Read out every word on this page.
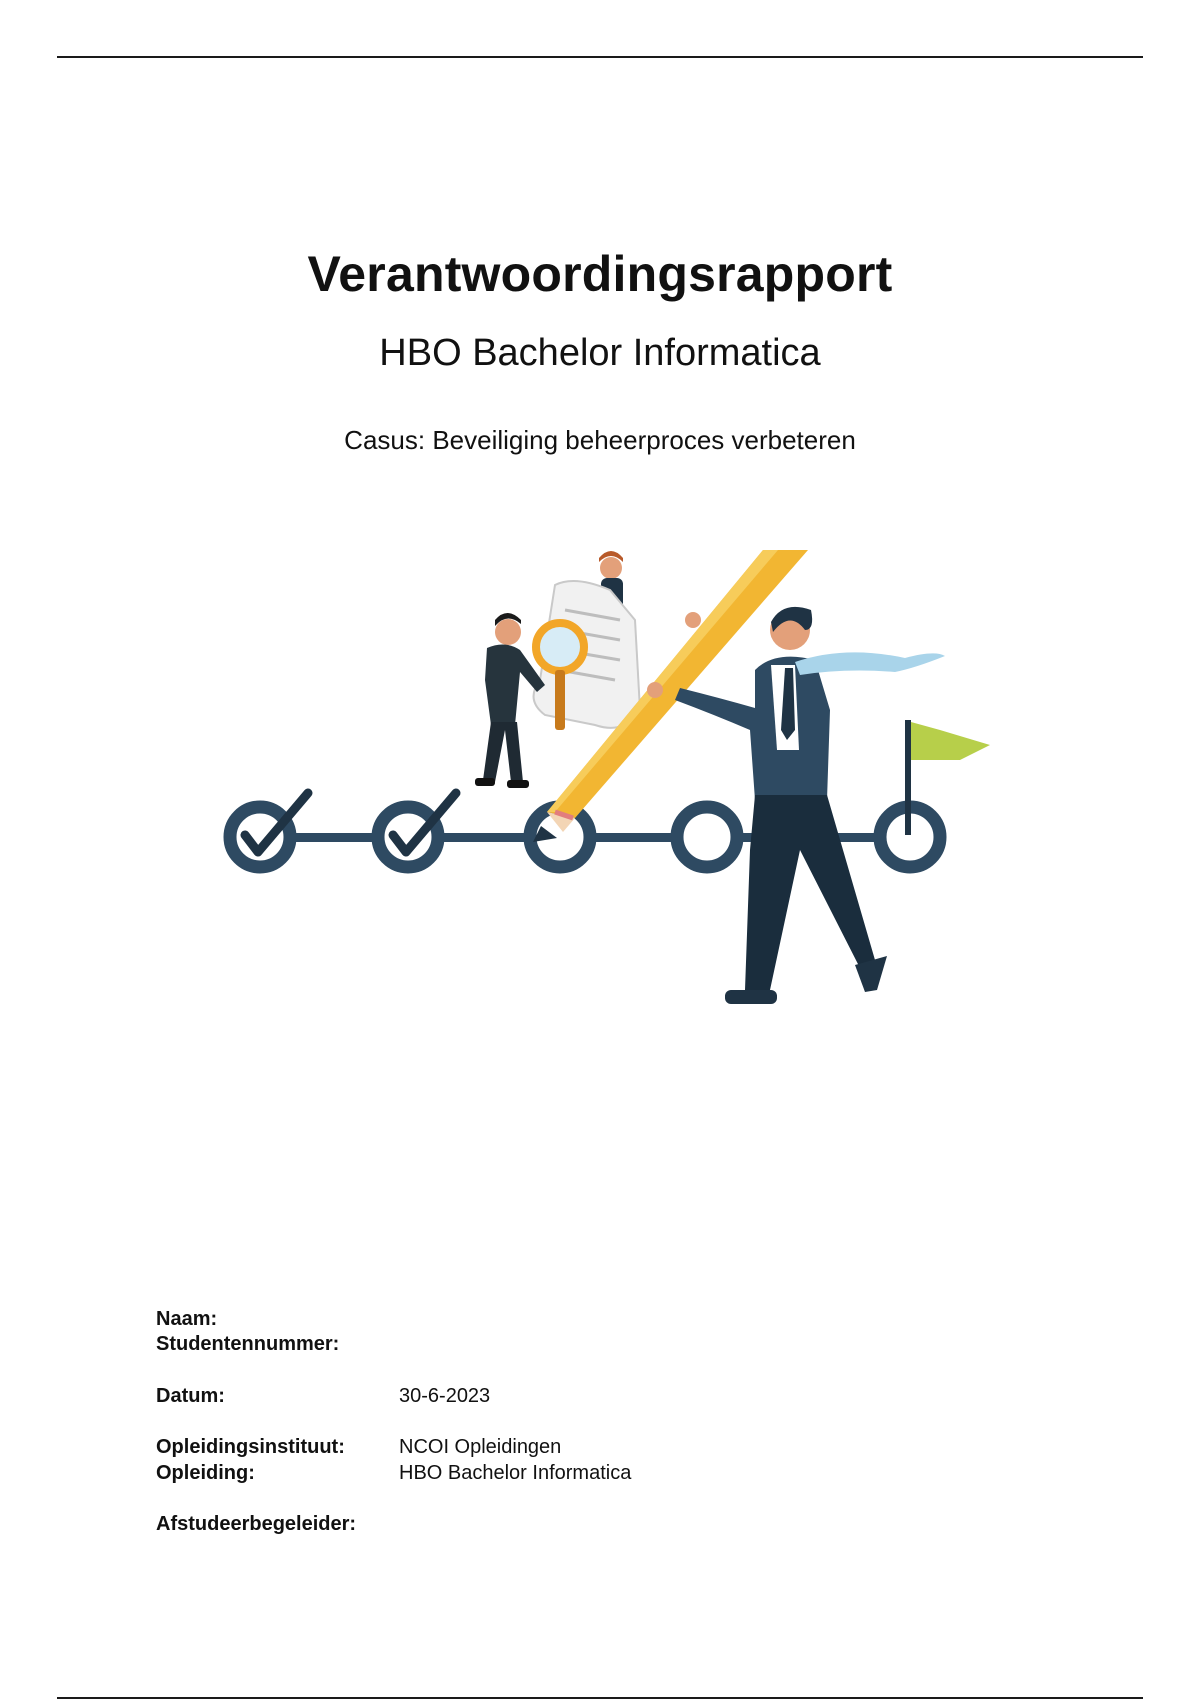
Verantwoordingsrapport
HBO Bachelor Informatica
Casus: Beveiliging beheerproces verbeteren
Naam:
Studentennummer:
Datum:	30-6-2023
Opleidingsinstituut:	NCOI Opleidingen
Opleiding:	HBO Bachelor Informatica
Afstudeerbegeleider:
